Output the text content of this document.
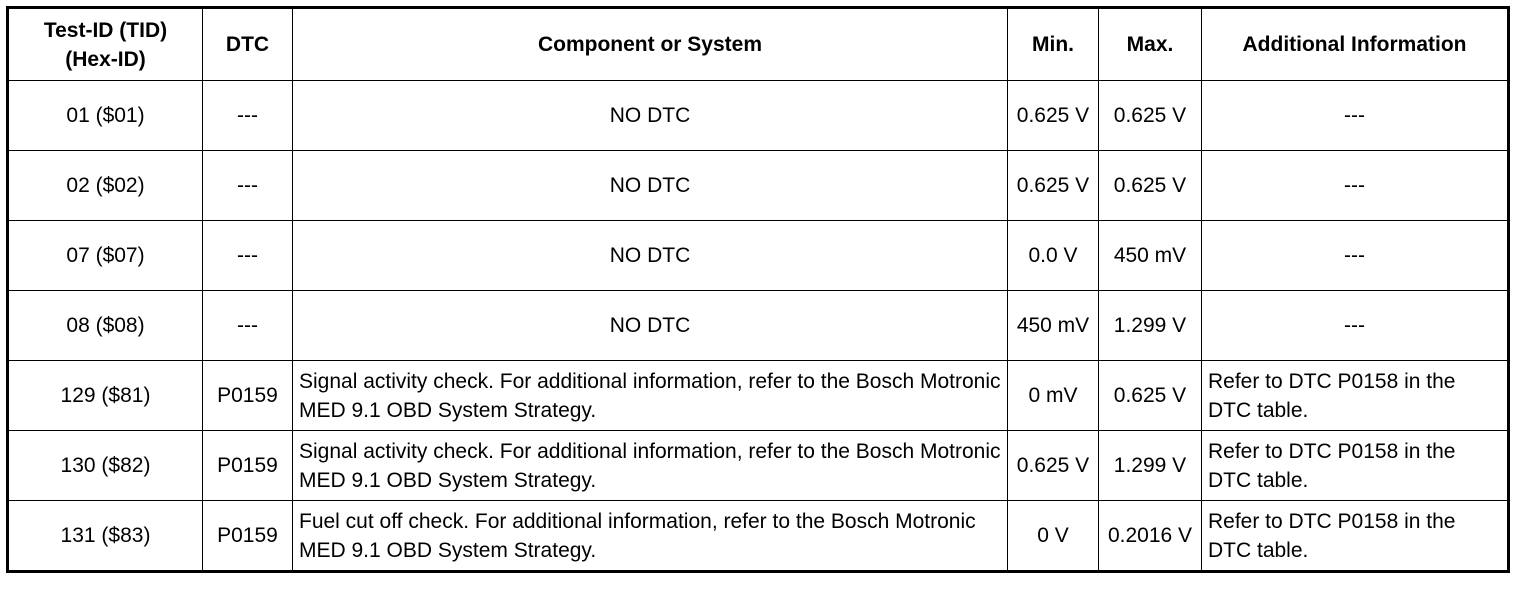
Test-ID (TID) (Hex-ID)	DTC	Component or System	Min.	Max.	Additional Information
01 ($01)	---	NO DTC	0.625 V	0.625 V	---
02 ($02)	---	NO DTC	0.625 V	0.625 V	---
07 ($07)	---	NO DTC	0.0 V	450 mV	---
08 ($08)	---	NO DTC	450 mV	1.299 V	---
129 ($81)	P0159	Signal activity check. For additional information, refer to the Bosch Motronic MED 9.1 OBD System Strategy.	0 mV	0.625 V	Refer to DTC P0158 in the DTC table.
130 ($82)	P0159	Signal activity check. For additional information, refer to the Bosch Motronic MED 9.1 OBD System Strategy.	0.625 V	1.299 V	Refer to DTC P0158 in the DTC table.
131 ($83)	P0159	Fuel cut off check. For additional information, refer to the Bosch Motronic MED 9.1 OBD System Strategy.	0 V	0.2016 V	Refer to DTC P0158 in the DTC table.
